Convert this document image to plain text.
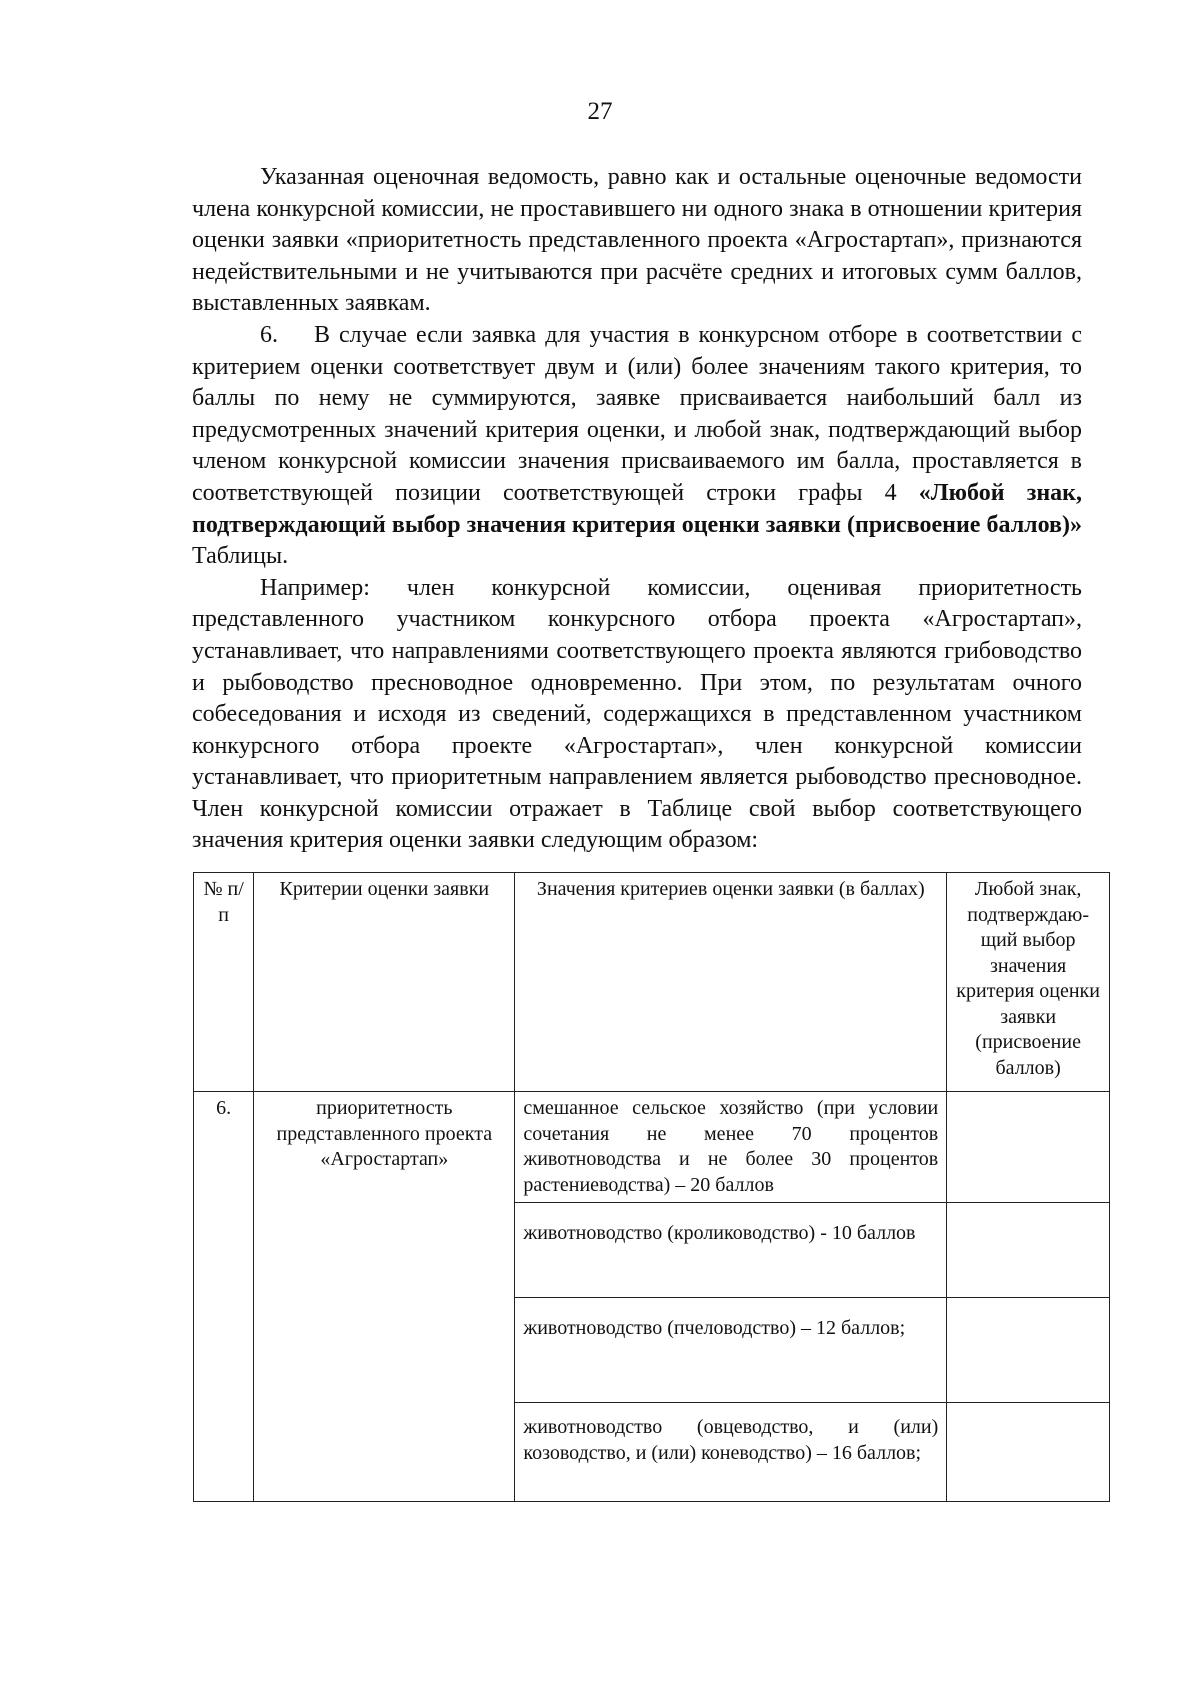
27

Указанная оценочная ведомость, равно как и остальные оценочные ведомости члена конкурсной комиссии, не проставившего ни одного знака в отношении критерия оценки заявки «приоритетность представленного проекта «Агростартап», признаются недействительными и не учитываются при расчёте средних и итоговых сумм баллов, выставленных заявкам.

6.    В случае если заявка для участия в конкурсном отборе в соответствии с критерием оценки соответствует двум и (или) более значениям такого критерия, то баллы по нему не суммируются, заявке присваивается наибольший балл из предусмотренных значений критерия оценки, и любой знак, подтверждающий выбор членом конкурсной комиссии значения присваиваемого им балла, проставляется в соответствующей позиции соответствующей строки графы 4 «Любой знак, подтверждающий выбор значения критерия оценки заявки (присвоение баллов)» Таблицы.

Например: член конкурсной комиссии, оценивая приоритетность представленного участником конкурсного отбора проекта «Агростартап», устанавливает, что направлениями соответствующего проекта являются грибоводство и рыбоводство пресноводное одновременно. При этом, по результатам очного собеседования и исходя из сведений, содержащихся в представленном участником конкурсного отбора проекте «Агростартап», член конкурсной комиссии устанавливает, что приоритетным направлением является рыбоводство пресноводное. Член конкурсной комиссии отражает в Таблице свой выбор соответствующего значения критерия оценки заявки следующим образом:

№ п/п	Критерии оценки заявки	Значения критериев оценки заявки (в баллах)	Любой знак, подтверждаю-щий выбор значения критерия оценки заявки (присвоение баллов)
6.	приоритетность представленного проекта «Агростартап»	смешанное сельское хозяйство (при условии сочетания не менее 70 процентов животноводства и не более 30 процентов растениеводства) – 20 баллов	
		животноводство (кролиководство) - 10 баллов	
		животноводство (пчеловодство) – 12 баллов;	
		животноводство (овцеводство, и (или) козоводство, и (или) коневодство) – 16 баллов;	
